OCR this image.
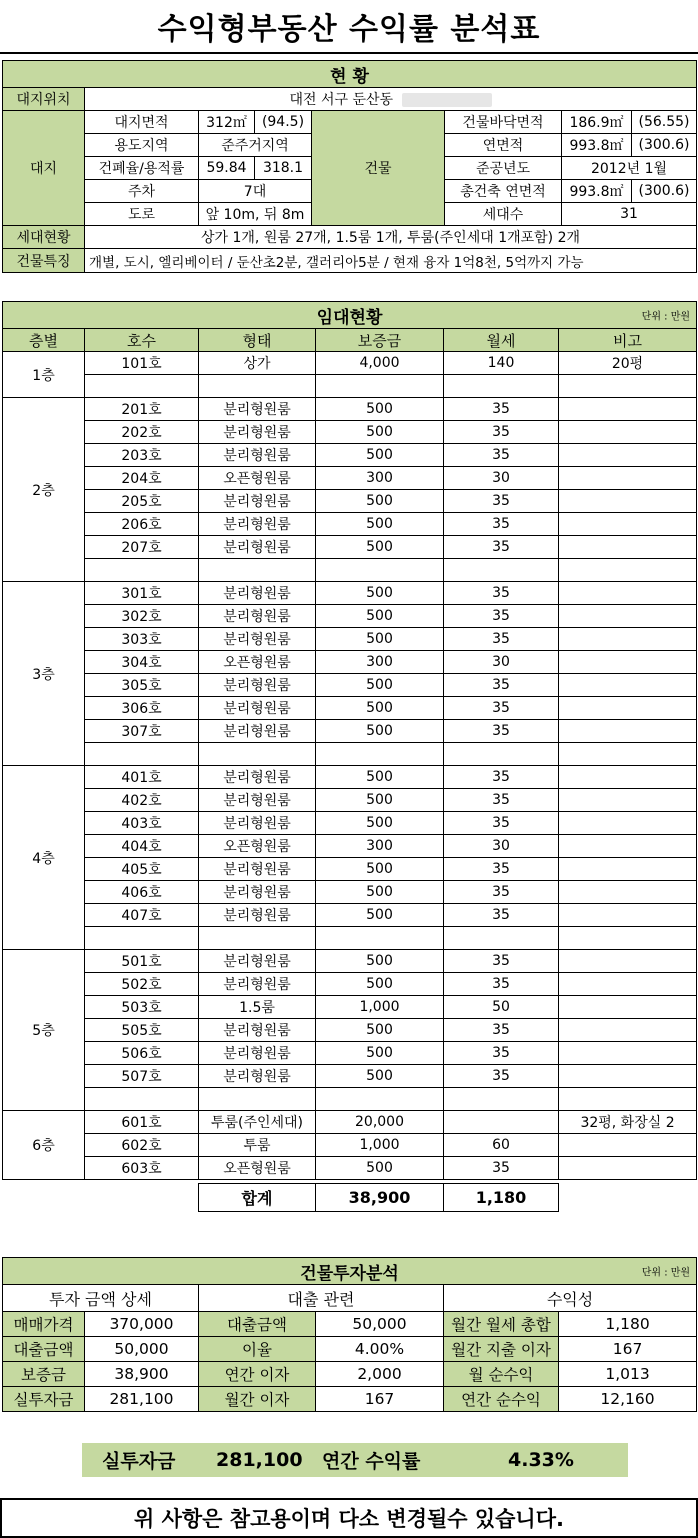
수익형부동산 수익률 분석표
현 황							
대지위치	대전 서구 둔산동						
대지	대지면적	312㎡	(94.5)	건물	건물바닥면적	186.9㎡	(56.55)
	용도지역	준주거지역			연면적	993.8㎡	(300.6)
	건폐율/용적률	59.84	318.1		준공년도	2012년 1월	
	주차	7대			총건축 연면적	993.8㎡	(300.6)
	도로	앞 10m, 뒤 8m			세대수	31	
세대현황	상가 1개, 원룸 27개, 1.5룸 1개, 투룸(주인세대 1개포함) 2개						
건물특징	개별, 도시, 엘리베이터 / 둔산초2분, 갤러리아5분 / 현재 융자 1억8천, 5억까지 가능						
임대현황 단위 : 만원					

층별	호수	형태	보증금	월세	비고
1층	101호	상가	4,000	140	20평

2층	201호	분리형원룸	500	35	
	202호	분리형원룸	500	35	
	203호	분리형원룸	500	35	
	204호	오픈형원룸	300	30	
	205호	분리형원룸	500	35	
	206호	분리형원룸	500	35	
	207호	분리형원룸	500	35	

3층	301호	분리형원룸	500	35	
	302호	분리형원룸	500	35	
	303호	분리형원룸	500	35	
	304호	오픈형원룸	300	30	
	305호	분리형원룸	500	35	
	306호	분리형원룸	500	35	
	307호	분리형원룸	500	35	

4층	401호	분리형원룸	500	35	
	402호	분리형원룸	500	35	
	403호	분리형원룸	500	35	
	404호	오픈형원룸	300	30	
	405호	분리형원룸	500	35	
	406호	분리형원룸	500	35	
	407호	분리형원룸	500	35	

5층	501호	분리형원룸	500	35	
	502호	분리형원룸	500	35	
	503호	1.5룸	1,000	50	
	505호	분리형원룸	500	35	
	506호	분리형원룸	500	35	
	507호	분리형원룸	500	35	

6층	601호	투룸(주인세대)	20,000		32평, 화장실 2
	602호	투룸	1,000	60	
	603호	오픈형원룸	500	35	

		합계	38,900	1,180	
건물투자분석 단위 : 만원					

투자 금액 상세		대출 관련		수익성	
매매가격	370,000	대출금액	50,000	월간 월세 총합	1,180
대출금액	50,000	이율	4.00%	월간 지출 이자	167
보증금	38,900	연간 이자	2,000	월 순수익	1,013
실투자금	281,100	월간 이자	167	연간 순수익	12,160
실투자금 281,100 연간 수익률	4.33%
위 사항은 참고용이며 다소 변경될수 있습니다.
